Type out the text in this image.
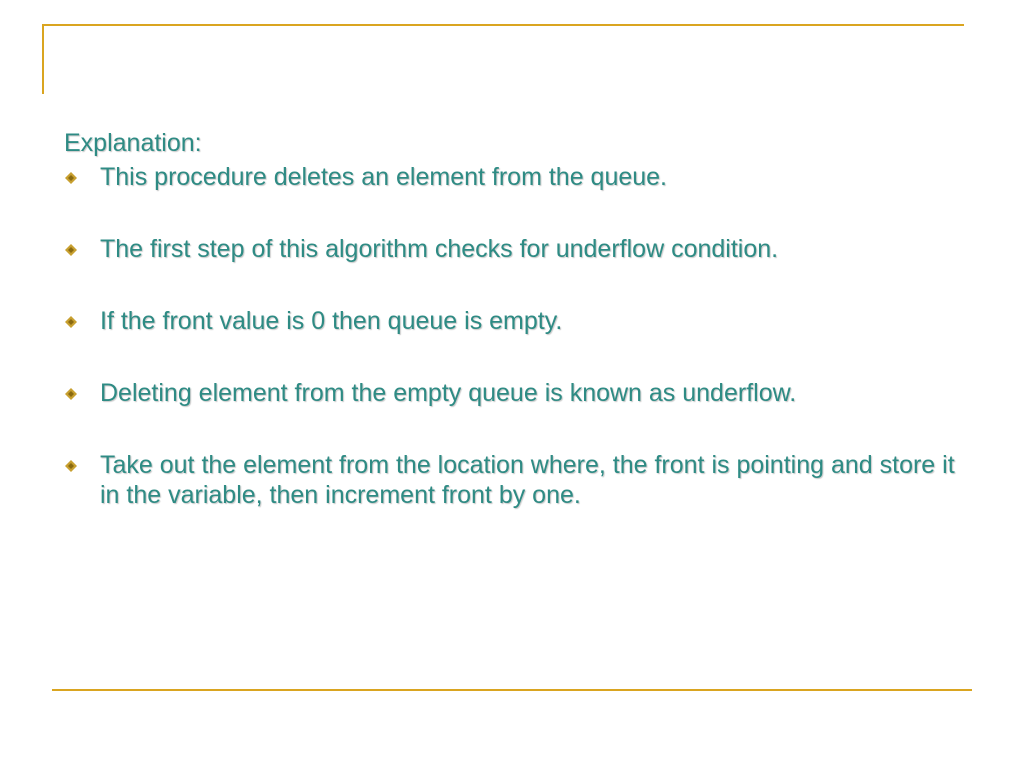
Explanation:
This procedure deletes an element from the queue.
The first step of this algorithm checks for underflow condition.
If the front value is 0 then queue is empty.
Deleting element from the empty queue is known as underflow.
Take out the element from the location where, the front is pointing and store it in the variable, then increment front by one.
